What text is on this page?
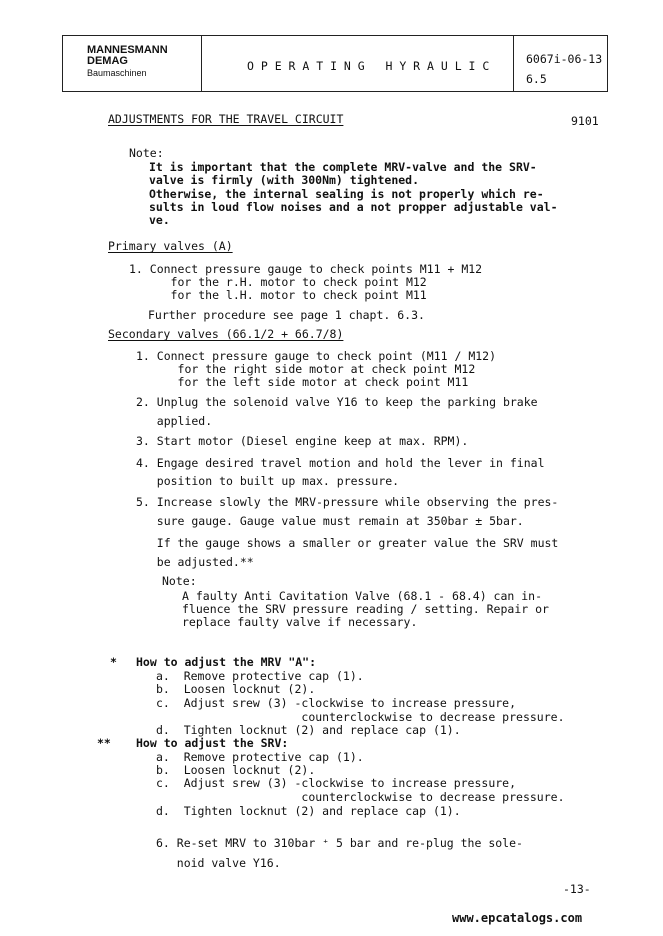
MANNESMANN
DEMAG
Baumaschinen	O P E R A T I N G   H Y R A U L I C	6067i-06-13
6.5
ADJUSTMENTS FOR THE TRAVEL CIRCUIT	9101
Note:
It is important that the complete MRV-valve and the SRV-
valve is firmly (with 300Nm) tightened.
Otherwise, the internal sealing is not properly which re-
sults in loud flow noises and a not propper adjustable val-
ve.
Primary valves (A)
1. Connect pressure gauge to check points M11 + M12
for the r.H. motor to check point M12
for the l.H. motor to check point M11
Further procedure see page 1 chapt. 6.3.
Secondary valves (66.1/2 + 66.7/8)
1. Connect pressure gauge to check point (M11 / M12)
for the right side motor at check point M12
for the left side motor at check point M11
2. Unplug the solenoid valve Y16 to keep the parking brake
applied.
3. Start motor (Diesel engine keep at max. RPM).
4. Engage desired travel motion and hold the lever in final
position to built up max. pressure.
5. Increase slowly the MRV-pressure while observing the pres-
sure gauge. Gauge value must remain at 350bar ± 5bar.
If the gauge shows a smaller or greater value the SRV must
be adjusted.**
Note:
A faulty Anti Cavitation Valve (68.1 - 68.4) can in-
fluence the SRV pressure reading / setting. Repair or
replace faulty valve if necessary.
* How to adjust the MRV "A":
a.  Remove protective cap (1).
b.  Loosen locknut (2).
c.  Adjust srew (3) -clockwise to increase pressure,
counterclockwise to decrease pressure.
d.  Tighten locknut (2) and replace cap (1).
** How to adjust the SRV:
a.  Remove protective cap (1).
b.  Loosen locknut (2).
c.  Adjust srew (3) -clockwise to increase pressure,
counterclockwise to decrease pressure.
d.  Tighten locknut (2) and replace cap (1).
6. Re-set MRV to 310bar ⁺ 5 bar and re-plug the sole-
noid valve Y16.
-13-
www.epcatalogs.com
